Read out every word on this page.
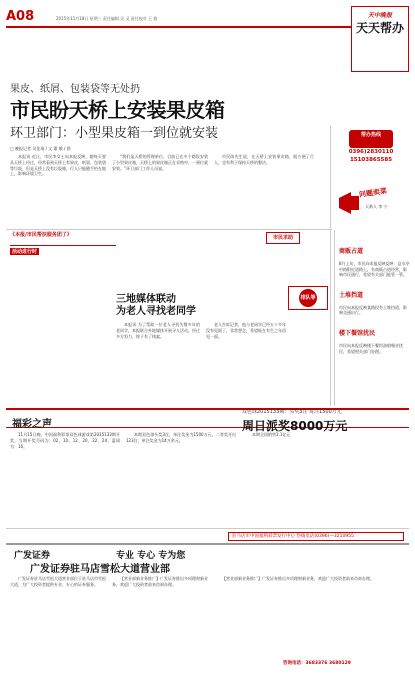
A08	2015年11月18日 星期三 责任编辑 吴 灵 责任校对 王 倩	天中晚报
天天帮办
果皮、纸屑、包装袋等无处扔
市民盼天桥上安装果皮箱
环卫部门：小型果皮箱一到位就安装
□ 晚报记者 吴佳琦 / 文 董 敏 / 图

本报讯 近日，市民李女士向本报反映，她每天要从天桥上经过，经常看到天桥上有果皮、纸屑、包装袋等垃圾，但是天桥上没有垃圾箱，行人只能随手扔在地上，影响环境卫生。

“我们是天桥的管理单位，目前已在多个路段安装了小型果皮箱，天桥上的果皮箱正在采购中，一到位就安装。”环卫部门工作人员说。

市民陈先生说，在天桥上安装果皮箱，既方便了行人，也有利于保持天桥的整洁。

帮办热线
0396)2830110
15103865585
问题卖菜
天新人 李 宁
商贩占道
8月上旬，市民向本报反映反映：县水亭中路附近道路上，有商贩占道经营，影响市民通行，希望有关部门能管一管。
土堆挡道
市民向本报反映某路段有土堆挡道，影响交通出行。
楼下餐馆扰民
市民向本报反映楼下餐馆油烟噪音扰民，希望相关部门处理。
市民求助
《本报/市民帮扶服务团了》
活动进行时
三地媒体联动
为老人寻找老同学

本报讯 为了帮助一位老人寻找失散多年的老同学，本报联合外地媒体开展寻人活动，经过多方努力，终于有了线索。

老人告诉记者，他与老同学已经五十多年没有见面了，非常想念，希望能在有生之年再见一面。

排队等待
福彩之声
双色球2015133期：头奖3注 每注1500万元
周日派奖8000万元

11月15日晚，中国福利彩票双色球游戏第2015133期开奖，当期开奖号码为：02、10、12、20、22、24，蓝球为：16。

本期双色球头奖3注，单注奖金为1500万元，二等奖开出123注，单注奖金为14万余元。

本期全国销售3.1亿元

驻马店市中国福利彩票发行中心 热线电话(0396)—3210955
广发证券	专业 专心 专为您
广发证券驻马店雪松大道营业部

广发证券驻马店雪松大道营业部位于驻马店市雪松大道，为广大投资者提供专业、专心的证券服务。

【营业部新业务推广】广发证券推出多项理财新业务，欢迎广大投资者前来咨询办理。

【营业部新业务推广】广发证券推出多项理财新业务，欢迎广大投资者前来咨询办理。

咨询电话：3683376 3680129
